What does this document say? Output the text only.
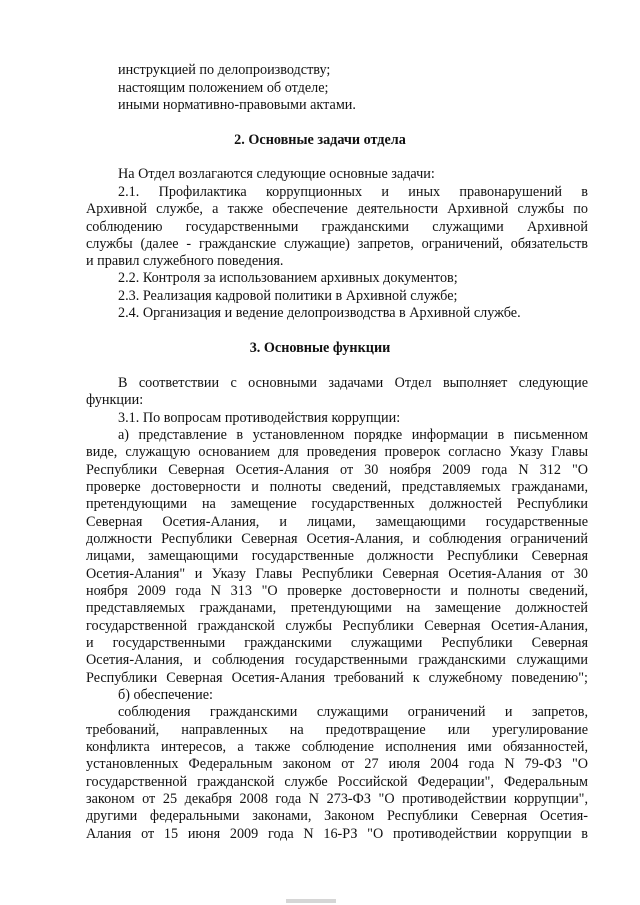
инструкцией по делопроизводству;
настоящим положением об отделе;
иными нормативно-правовыми актами.
2. Основные задачи отдела
На Отдел возлагаются следующие основные задачи:
2.1. Профилактика коррупционных и иных правонарушений в
Архивной службе, а также обеспечение деятельности Архивной службы по
соблюдению государственными гражданскими служащими Архивной
службы (далее - гражданские служащие) запретов, ограничений, обязательств
и правил служебного поведения.
2.2. Контроля за использованием архивных документов;
2.3. Реализация кадровой политики в Архивной службе;
2.4. Организация и ведение делопроизводства в Архивной службе.
3. Основные функции
В соответствии с основными задачами Отдел выполняет следующие
функции:
3.1. По вопросам противодействия коррупции:
а) представление в установленном порядке информации в письменном
виде, служащую основанием для проведения проверок согласно Указу Главы
Республики Северная Осетия-Алания от 30 ноября 2009 года N 312 "О
проверке достоверности и полноты сведений, представляемых гражданами,
претендующими на замещение государственных должностей Республики
Северная Осетия-Алания, и лицами, замещающими государственные
должности Республики Северная Осетия-Алания, и соблюдения ограничений
лицами, замещающими государственные должности Республики Северная
Осетия-Алания" и Указу Главы Республики Северная Осетия-Алания от 30
ноября 2009 года N 313 "О проверке достоверности и полноты сведений,
представляемых гражданами, претендующими на замещение должностей
государственной гражданской службы Республики Северная Осетия-Алания,
и государственными гражданскими служащими Республики Северная
Осетия-Алания, и соблюдения государственными гражданскими служащими
Республики Северная Осетия-Алания требований к служебному поведению";
б) обеспечение:
соблюдения гражданскими служащими ограничений и запретов,
требований, направленных на предотвращение или урегулирование
конфликта интересов, а также соблюдение исполнения ими обязанностей,
установленных Федеральным законом от 27 июля 2004 года N 79-ФЗ "О
государственной гражданской службе Российской Федерации", Федеральным
законом от 25 декабря 2008 года N 273-ФЗ "О противодействии коррупции",
другими федеральными законами, Законом Республики Северная Осетия-
Алания от 15 июня 2009 года N 16-РЗ "О противодействии коррупции в
